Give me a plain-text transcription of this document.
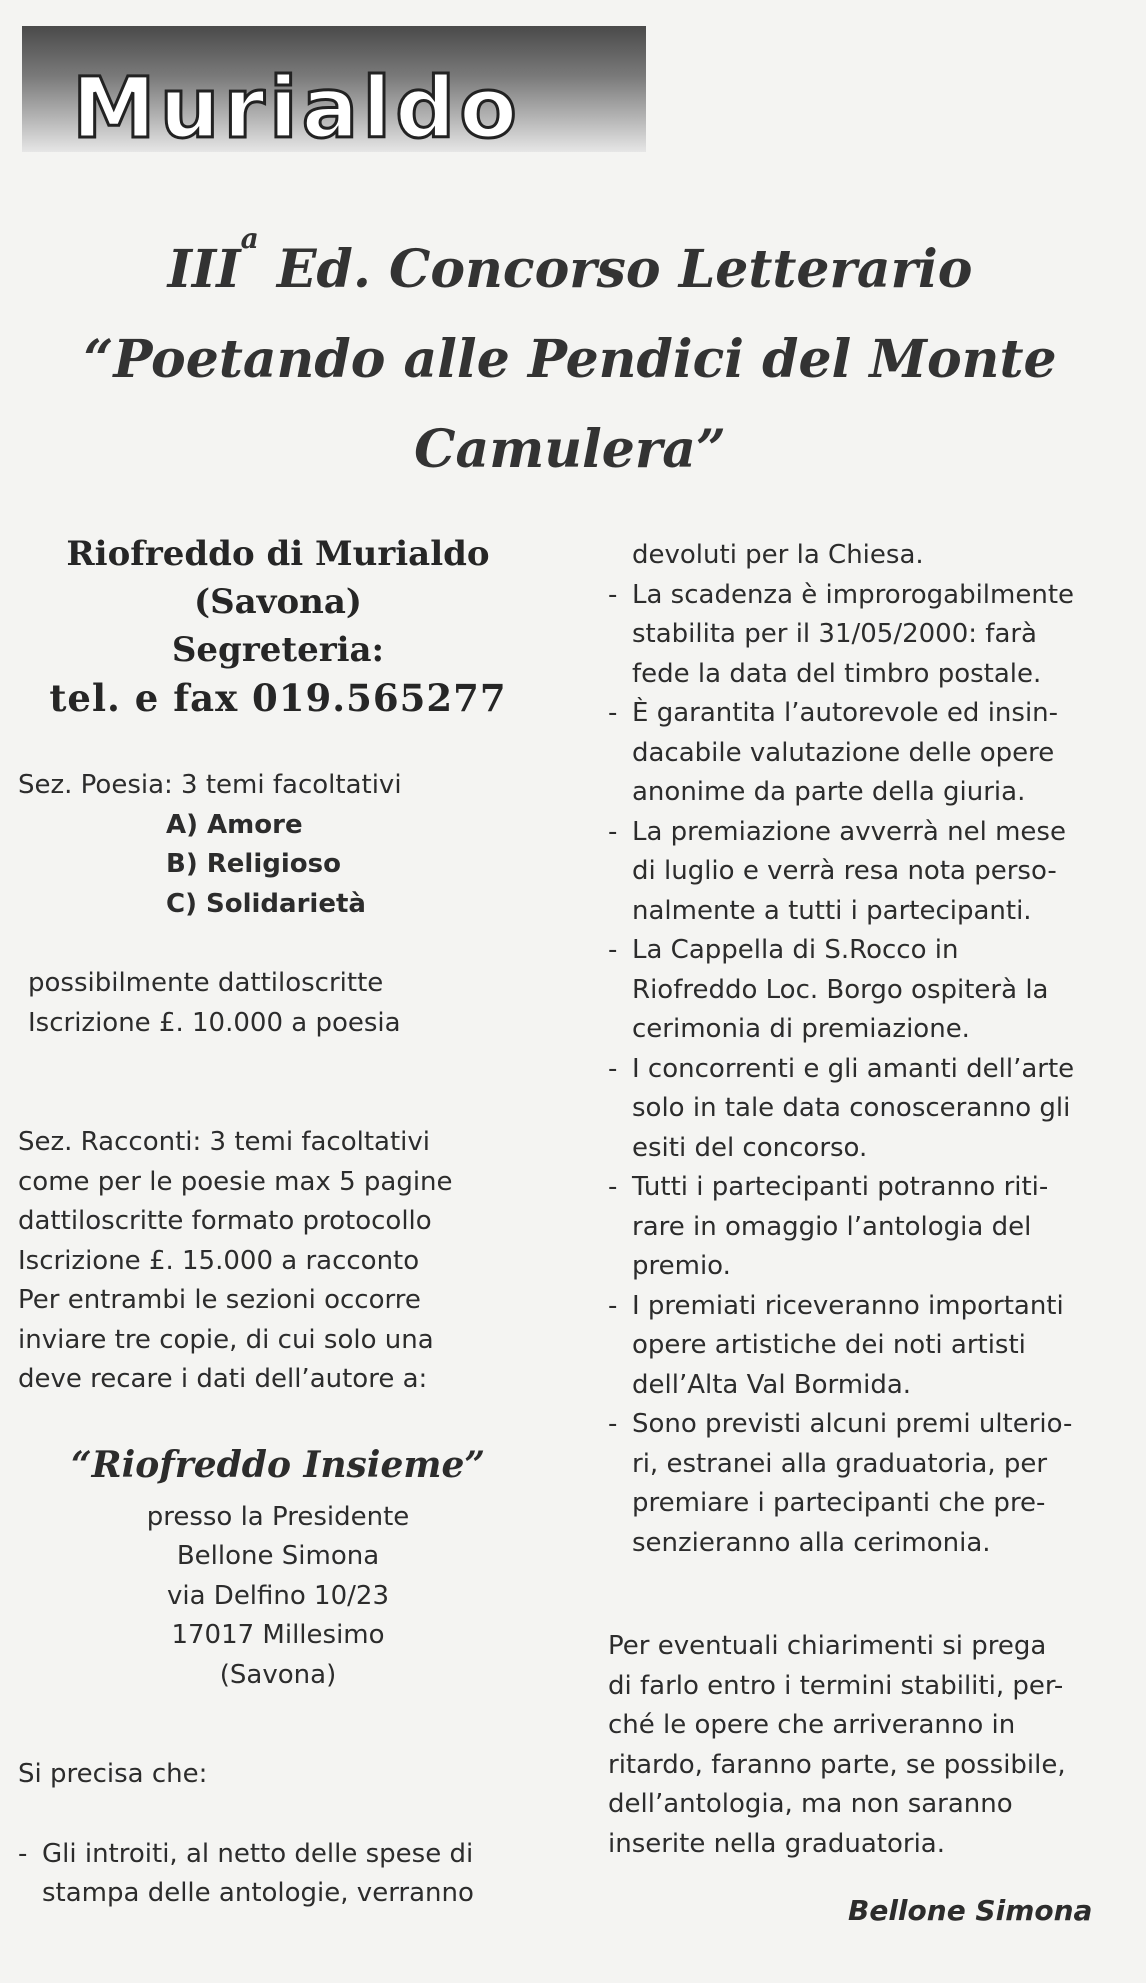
Murialdo
III$^a$ Ed. Concorso Letterario
“Poetando alle Pendici del Monte
Camulera”
Riofreddo di Murialdo
(Savona)
Segreteria:
tel. e fax 019.565277
Sez. Poesia: 3 temi facoltativi
A) Amore
B) Religioso
C) Solidarietà
possibilmente dattiloscritte
Iscrizione £. 10.000 a poesia
Sez. Racconti: 3 temi facoltativi
come per le poesie max 5 pagine
dattiloscritte formato protocollo
Iscrizione £. 15.000 a racconto
Per entrambi le sezioni occorre
inviare tre copie, di cui solo una
deve recare i dati dell’autore a:
“Riofreddo Insieme”
presso la Presidente
Bellone Simona
via Delfino 10/23
17017 Millesimo
(Savona)
Si precisa che:
- Gli introiti, al netto delle spese di
stampa delle antologie, verranno
devoluti per la Chiesa.
- La scadenza è improrogabilmente
stabilita per il 31/05/2000: farà
fede la data del timbro postale.
- È garantita l’autorevole ed insin-
dacabile valutazione delle opere
anonime da parte della giuria.
- La premiazione avverrà nel mese
di luglio e verrà resa nota perso-
nalmente a tutti i partecipanti.
- La Cappella di S.Rocco in
Riofreddo Loc. Borgo ospiterà la
cerimonia di premiazione.
- I concorrenti e gli amanti dell’arte
solo in tale data conosceranno gli
esiti del concorso.
- Tutti i partecipanti potranno riti-
rare in omaggio l’antologia del
premio.
- I premiati riceveranno importanti
opere artistiche dei noti artisti
dell’Alta Val Bormida.
- Sono previsti alcuni premi ulterio-
ri, estranei alla graduatoria, per
premiare i partecipanti che pre-
senzieranno alla cerimonia.
Per eventuali chiarimenti si prega
di farlo entro i termini stabiliti, per-
ché le opere che arriveranno in
ritardo, faranno parte, se possibile,
dell’antologia, ma non saranno
inserite nella graduatoria.
Bellone Simona
